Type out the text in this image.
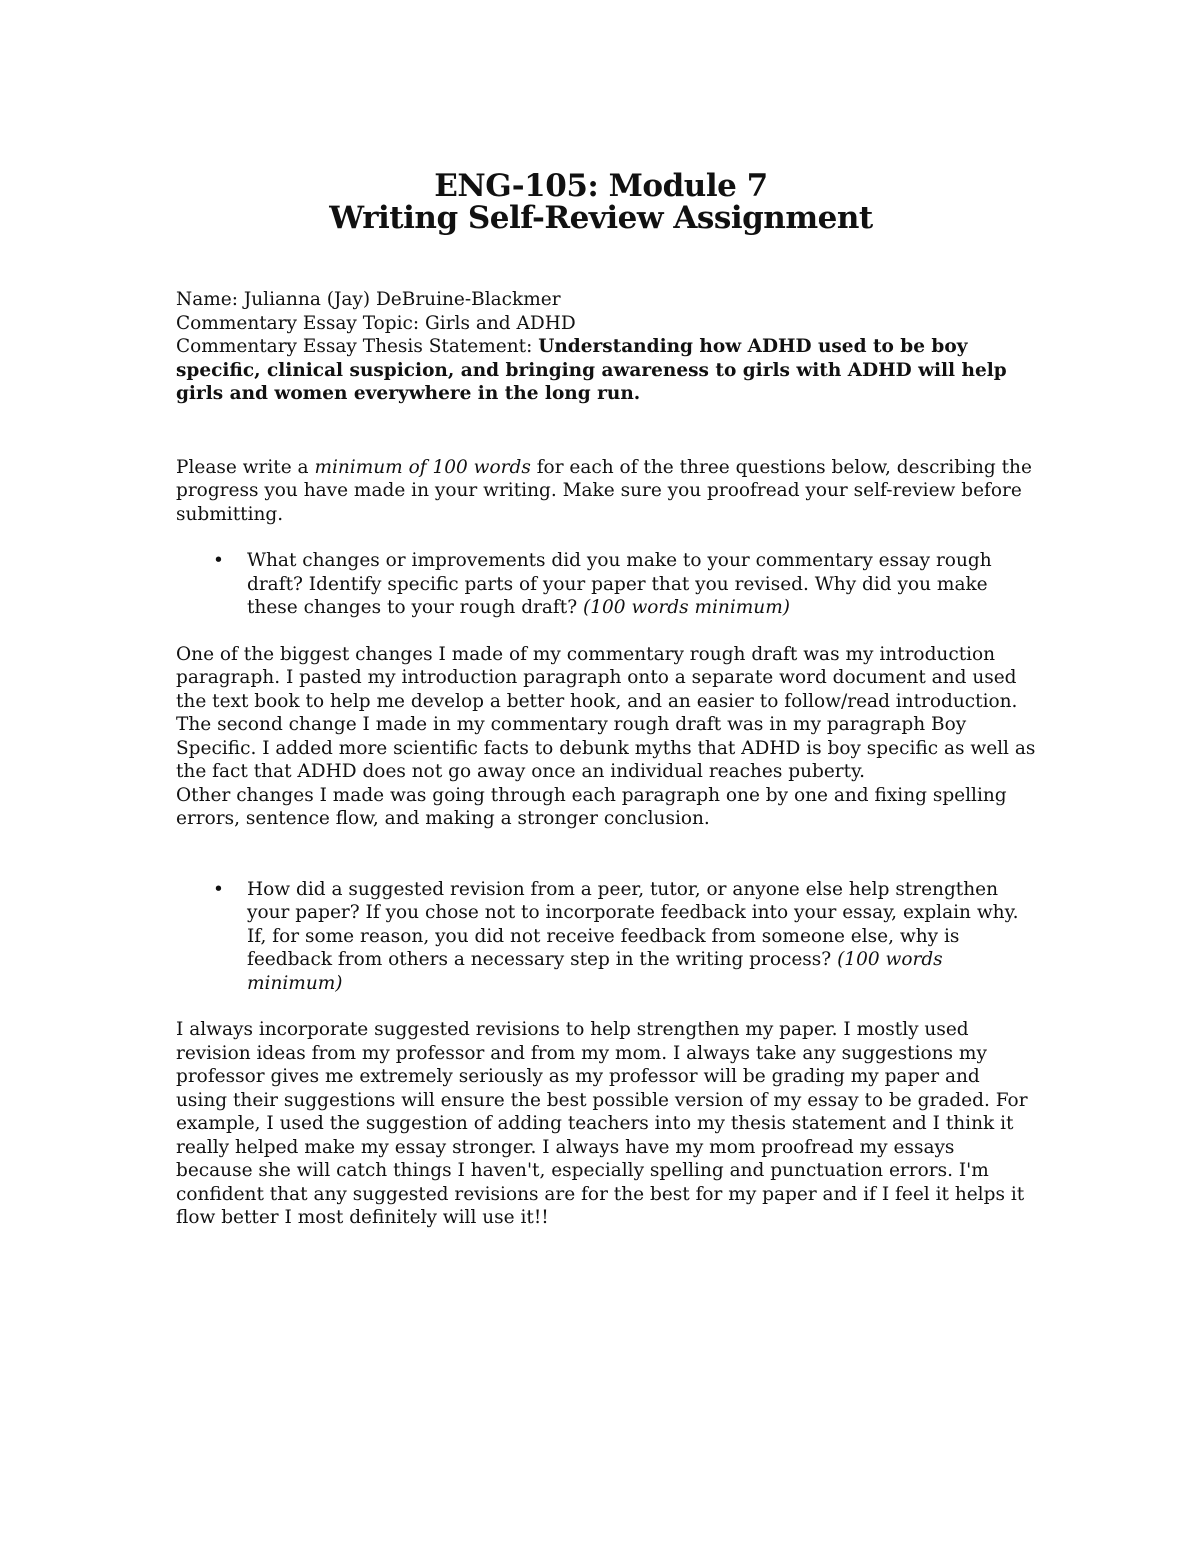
ENG-105: Module 7
Writing Self-Review Assignment

Name: Julianna (Jay) DeBruine-Blackmer

Commentary Essay Topic: Girls and ADHD

Commentary Essay Thesis Statement: Understanding how ADHD used to be boy specific, clinical suspicion, and bringing awareness to girls with ADHD will help girls and women everywhere in the long run.

Please write a minimum of 100 words for each of the three questions below, describing the progress you have made in your writing. Make sure you proofread your self-review before submitting.

• What changes or improvements did you make to your commentary essay rough draft? Identify specific parts of your paper that you revised. Why did you make these changes to your rough draft? (100 words minimum)

One of the biggest changes I made of my commentary rough draft was my introduction paragraph. I pasted my introduction paragraph onto a separate word document and used the text book to help me develop a better hook, and an easier to follow/read introduction. The second change I made in my commentary rough draft was in my paragraph Boy Specific. I added more scientific facts to debunk myths that ADHD is boy specific as well as the fact that ADHD does not go away once an individual reaches puberty.

Other changes I made was going through each paragraph one by one and fixing spelling errors, sentence flow, and making a stronger conclusion.

• How did a suggested revision from a peer, tutor, or anyone else help strengthen your paper? If you chose not to incorporate feedback into your essay, explain why. If, for some reason, you did not receive feedback from someone else, why is feedback from others a necessary step in the writing process? (100 words minimum)

I always incorporate suggested revisions to help strengthen my paper. I mostly used revision ideas from my professor and from my mom. I always take any suggestions my professor gives me extremely seriously as my professor will be grading my paper and using their suggestions will ensure the best possible version of my essay to be graded. For example, I used the suggestion of adding teachers into my thesis statement and I think it really helped make my essay stronger. I always have my mom proofread my essays because she will catch things I haven't, especially spelling and punctuation errors. I'm confident that any suggested revisions are for the best for my paper and if I feel it helps it flow better I most definitely will use it!!
